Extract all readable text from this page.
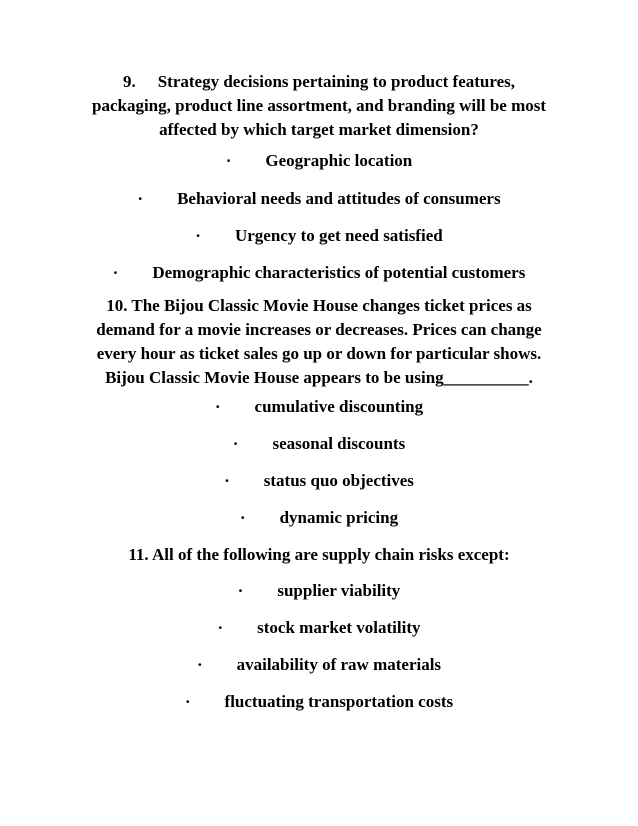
9. Strategy decisions pertaining to product features,
packaging, product line assortment, and branding will be most
affected by which target market dimension?
· Geographic location
· Behavioral needs and attitudes of consumers
· Urgency to get need satisfied
· Demographic characteristics of potential customers
10. The Bijou Classic Movie House changes ticket prices as
demand for a movie increases or decreases. Prices can change
every hour as ticket sales go up or down for particular shows.
Bijou Classic Movie House appears to be using__________.
· cumulative discounting
· seasonal discounts
· status quo objectives
· dynamic pricing
11. All of the following are supply chain risks except:
· supplier viability
· stock market volatility
· availability of raw materials
· fluctuating transportation costs
